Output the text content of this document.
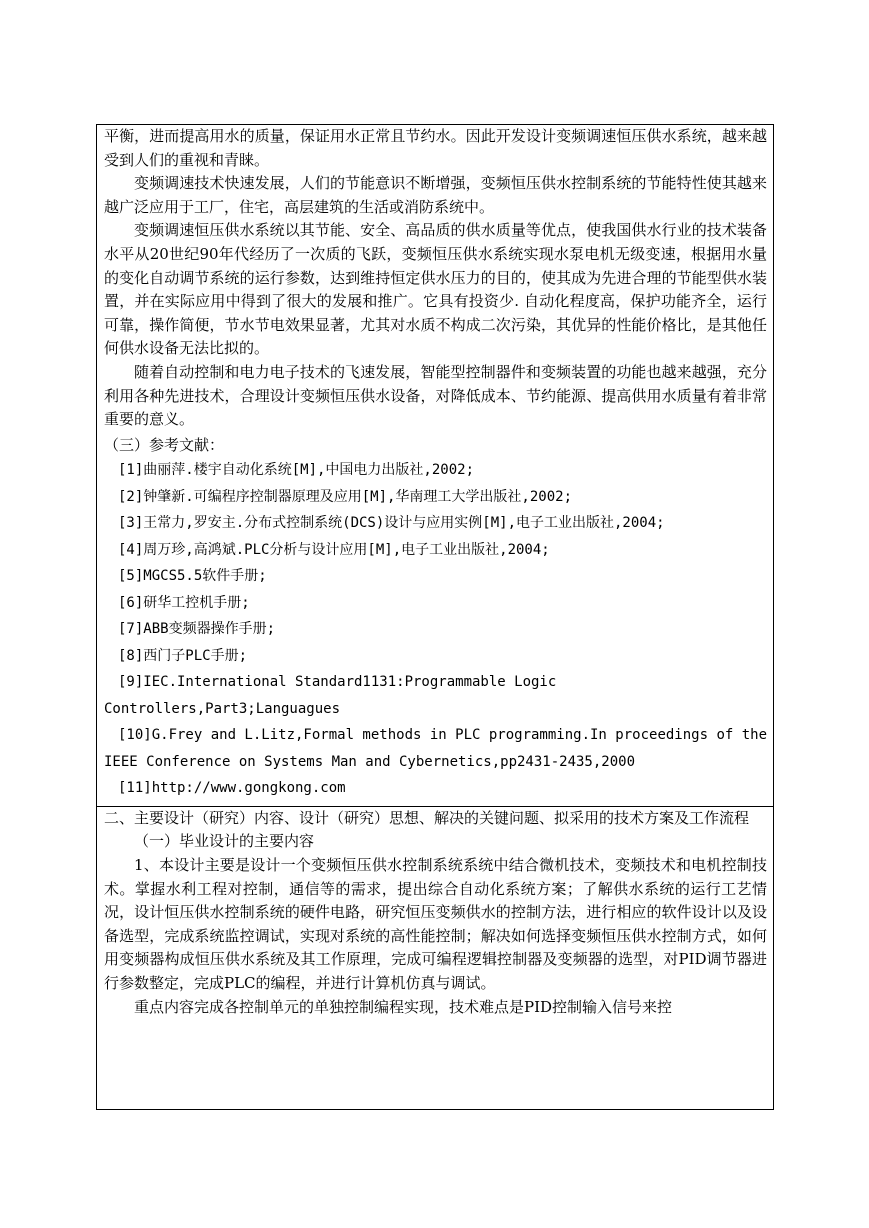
平衡，进而提高用水的质量，保证用水正常且节约水。因此开发设计变频调速恒压供水系统，越来越受到人们的重视和青睐。

变频调速技术快速发展，人们的节能意识不断增强，变频恒压供水控制系统的节能特性使其越来越广泛应用于工厂，住宅，高层建筑的生活或消防系统中。

变频调速恒压供水系统以其节能、安全、高品质的供水质量等优点，使我国供水行业的技术装备水平从20世纪90年代经历了一次质的飞跃，变频恒压供水系统实现水泵电机无级变速，根据用水量的变化自动调节系统的运行参数，达到维持恒定供水压力的目的，使其成为先进合理的节能型供水装置，并在实际应用中得到了很大的发展和推广。它具有投资少. 自动化程度高，保护功能齐全，运行可靠，操作简便，节水节电效果显著，尤其对水质不构成二次污染，其优异的性能价格比，是其他任何供水设备无法比拟的。

随着自动控制和电力电子技术的飞速发展，智能型控制器件和变频装置的功能也越来越强，充分利用各种先进技术，合理设计变频恒压供水设备，对降低成本、节约能源、提高供用水质量有着非常重要的意义。

（三）参考文献：

[1]曲丽萍.楼宇自动化系统[M],中国电力出版社,2002;

[2]钟肇新.可编程序控制器原理及应用[M],华南理工大学出版社,2002;

[3]王常力,罗安主.分布式控制系统(DCS)设计与应用实例[M],电子工业出版社,2004;

[4]周万珍,高鸿斌.PLC分析与设计应用[M],电子工业出版社,2004;

[5]MGCS5.5软件手册;

[6]研华工控机手册;

[7]ABB变频器操作手册;

[8]西门子PLC手册;

[9]IEC.International Standard1131:Programmable Logic Controllers,Part3;Languagues

[10]G.Frey and L.Litz,Formal methods in PLC programming.In proceedings of the IEEE Conference on Systems Man and Cybernetics,pp2431-2435,2000

[11]http://www.gongkong.com

二、主要设计（研究）内容、设计（研究）思想、解决的关键问题、拟采用的技术方案及工作流程

（一）毕业设计的主要内容

1、本设计主要是设计一个变频恒压供水控制系统系统中结合微机技术，变频技术和电机控制技术。掌握水利工程对控制，通信等的需求，提出综合自动化系统方案；了解供水系统的运行工艺情况，设计恒压供水控制系统的硬件电路，研究恒压变频供水的控制方法，进行相应的软件设计以及设备选型，完成系统监控调试，实现对系统的高性能控制；解决如何选择变频恒压供水控制方式，如何用变频器构成恒压供水系统及其工作原理，完成可编程逻辑控制器及变频器的选型，对PID调节器进行参数整定，完成PLC的编程，并进行计算机仿真与调试。

重点内容完成各控制单元的单独控制编程实现，技术难点是PID控制输入信号来控
